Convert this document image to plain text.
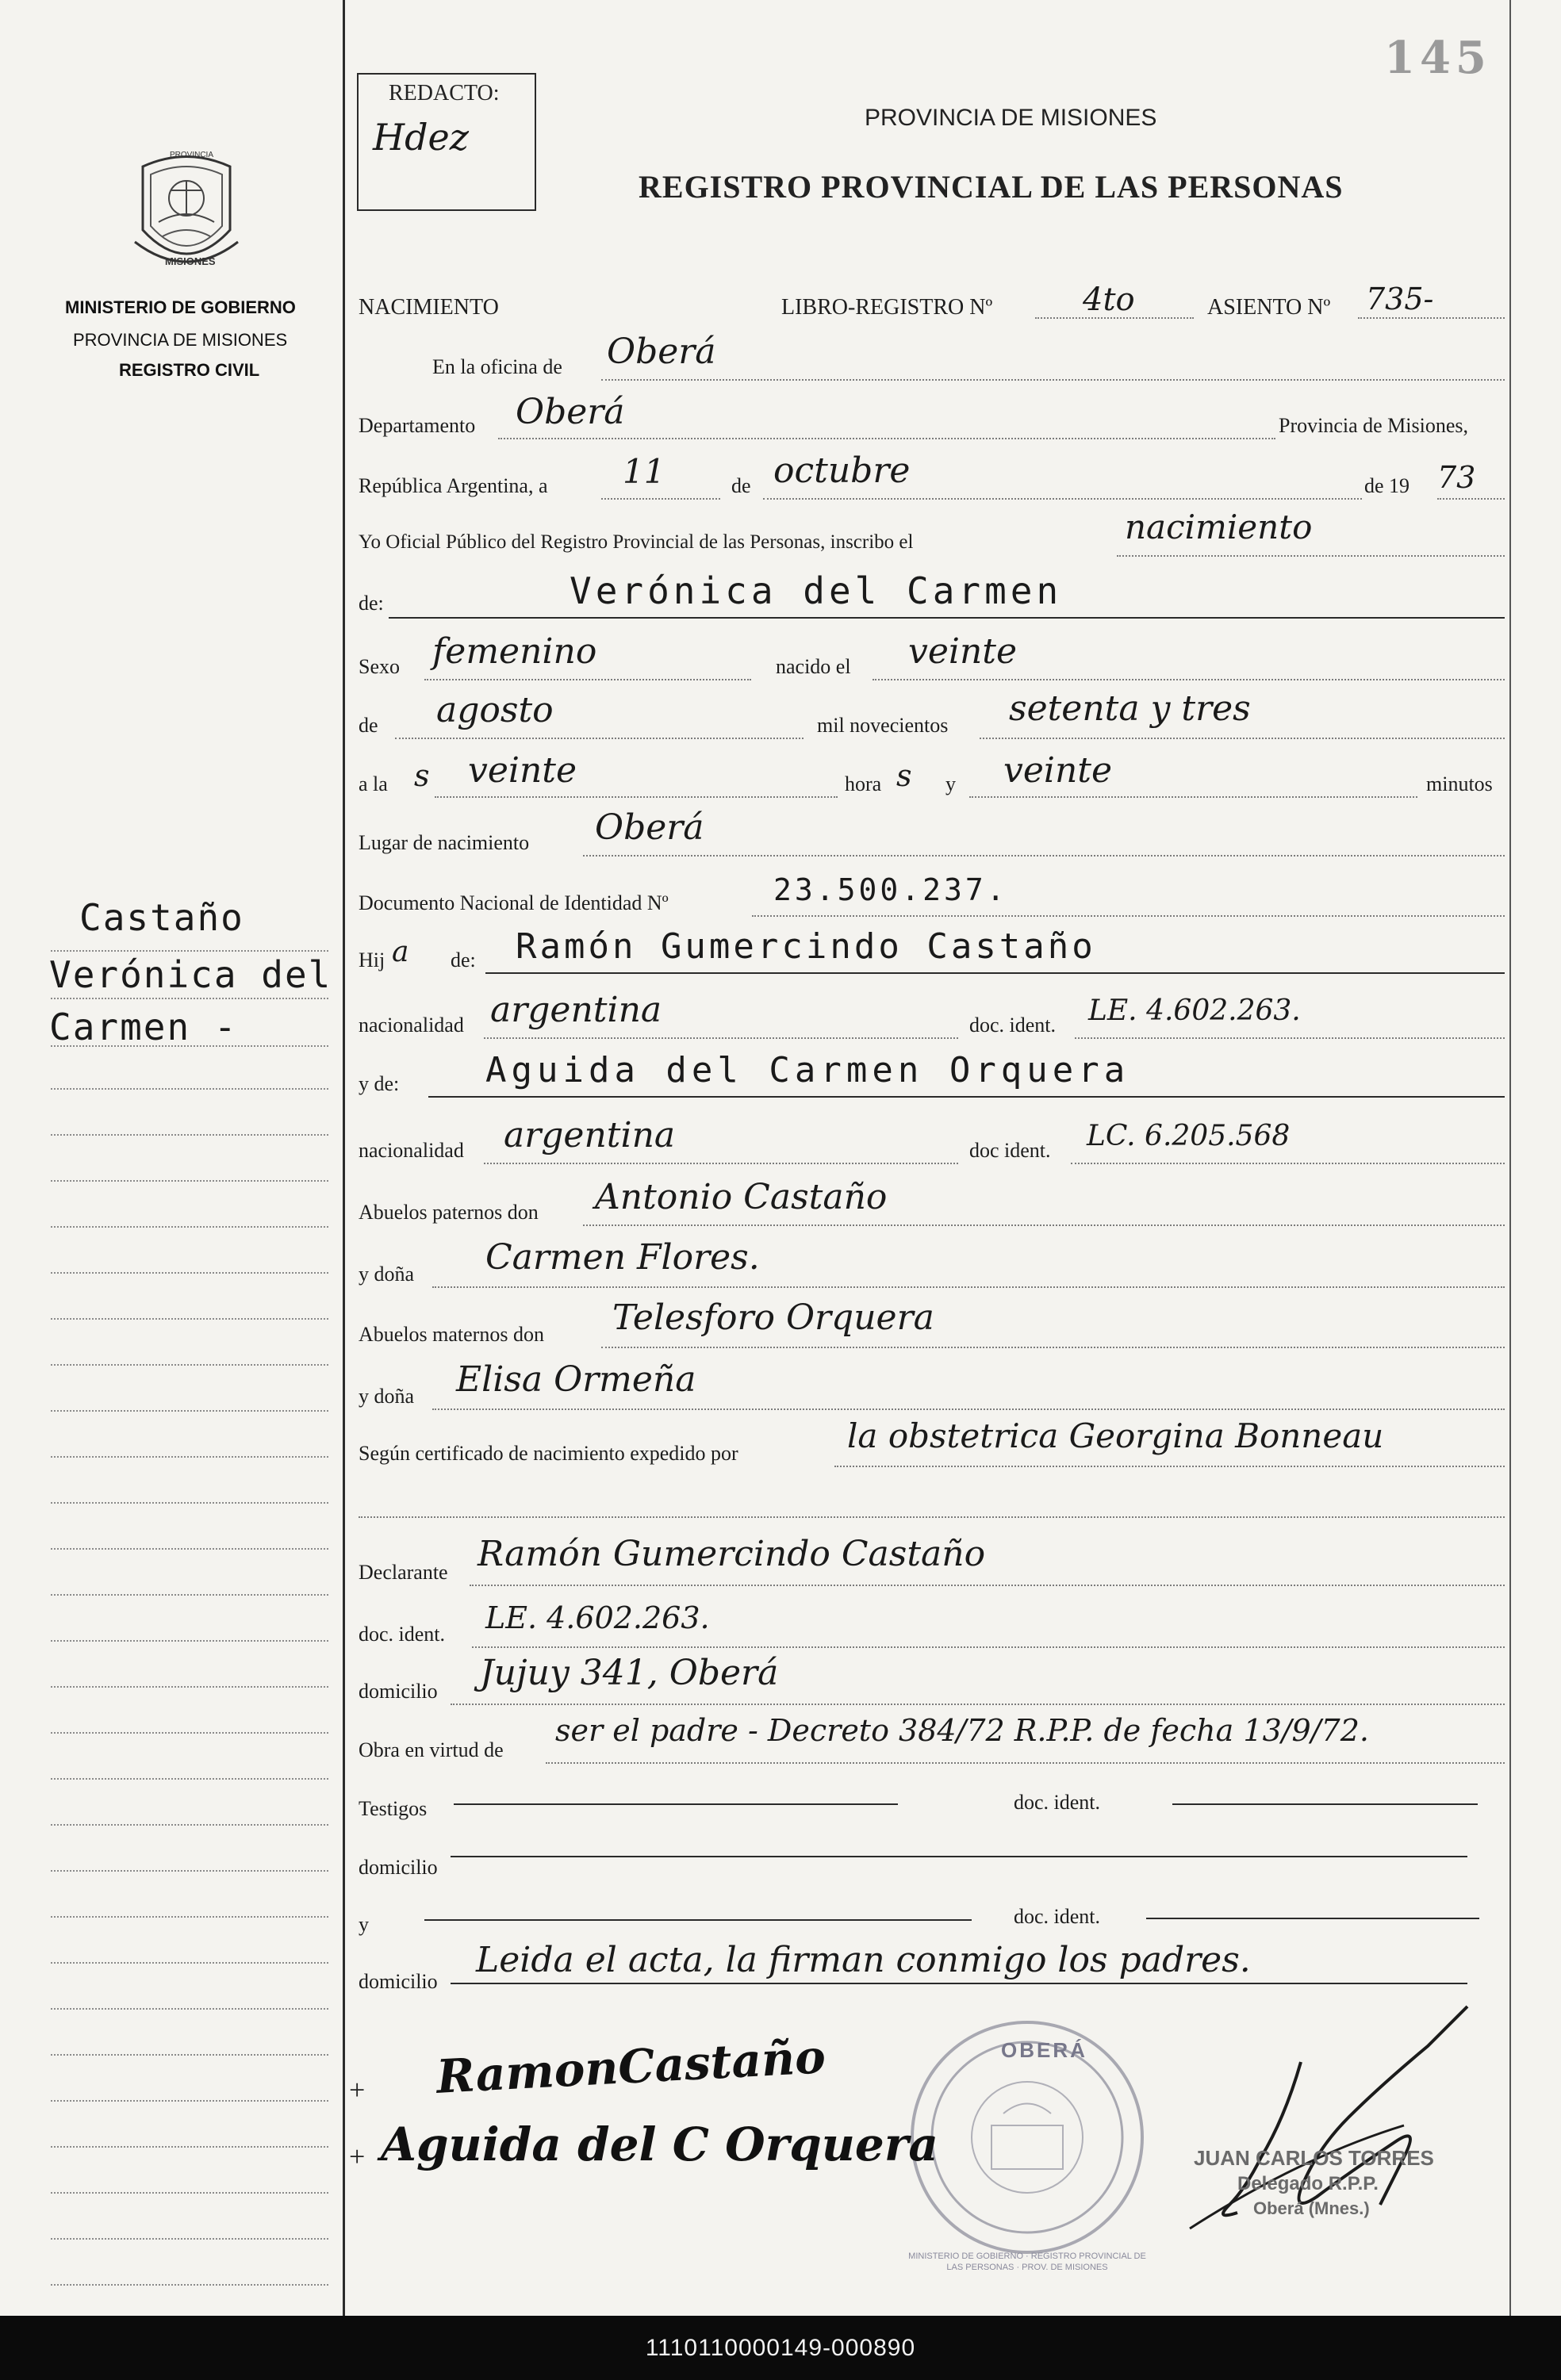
145
REDACTO:
Hdez	PROVINCIA DE MISIONES
REGISTRO PROVINCIAL DE LAS PERSONAS
PROVINCIA
MISIONES
MINISTERIO DE GOBIERNO
PROVINCIA DE MISIONES
REGISTRO CIVIL
Castaño
Verónica del
Carmen -
NACIMIENTO	LIBRO-REGISTRO Nº	4to	ASIENTO Nº 735-
En la oficina de Oberá
Departamento Oberá	Provincia de Misiones,
República Argentina, a 11	de octubre	de 19 73
Yo Oficial Público del Registro Provincial de las Personas, inscribo el	nacimiento
de:	Verónica del Carmen
Sexo femenino	nacido el veinte
de agosto	mil novecientos setenta y tres
a la s veinte	hora s y veinte	minutos
Lugar de nacimiento Oberá
Documento Nacional de Identidad Nº	23.500.237.
Hij a de: Ramón Gumercindo Castaño
nacionalidad argentina	doc. ident. LE. 4.602.263.
y de: Aguida del Carmen Orquera
nacionalidad argentina	doc ident. LC. 6.205.568
Abuelos paternos don Antonio Castaño
y doña Carmen Flores.
Abuelos maternos don Telesforo Orquera
y doña Elisa Ormeña
Según certificado de nacimiento expedido por	la obstetrica Georgina Bonneau
Declarante Ramón Gumercindo Castaño
doc. ident. LE. 4.602.263.
domicilio Jujuy 341, Oberá
Obra en virtud de
ser el padre - Decreto 384/72 R.P.P. de fecha 13/9/72.
Testigos	doc. ident.
domicilio
y	doc. ident.
domicilio
Leida el acta, la firman conmigo los padres.
OBERÁ
MINISTERIO DE GOBIERNO · REGISTRO PROVINCIAL DE LAS PERSONAS · PROV. DE MISIONES
+ RamonCastaño
+ Aguida del C Orquera	JUAN CARLOS TORRES
Delegado R.P.P.
Oberá (Mnes.)
1110110000149-000890
